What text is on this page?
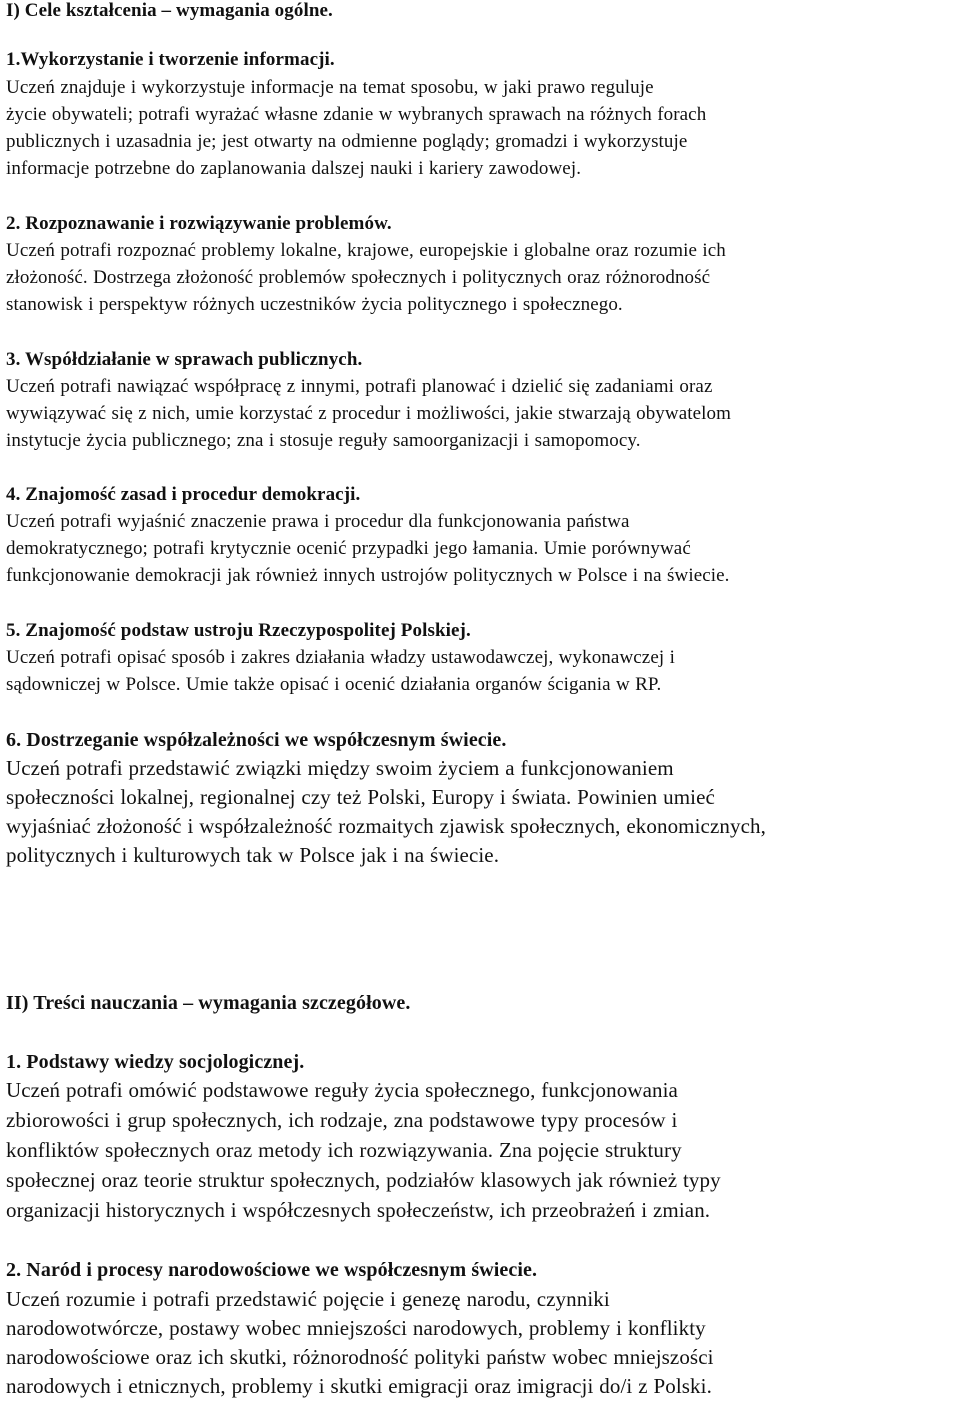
I) Cele kształcenia – wymagania ogólne.
1.Wykorzystanie i tworzenie informacji.
Uczeń znajduje i wykorzystuje informacje na temat sposobu, w jaki prawo reguluje
życie obywateli; potrafi wyrażać własne zdanie w wybranych sprawach na różnych forach
publicznych i uzasadnia je; jest otwarty na odmienne poglądy; gromadzi i wykorzystuje
informacje potrzebne do zaplanowania dalszej nauki i kariery zawodowej.
2. Rozpoznawanie i rozwiązywanie problemów.
Uczeń potrafi rozpoznać problemy lokalne, krajowe, europejskie i globalne oraz rozumie ich
złożoność. Dostrzega złożoność problemów społecznych i politycznych oraz różnorodność
stanowisk i perspektyw różnych uczestników życia politycznego i społecznego.
3. Współdziałanie w sprawach publicznych.
Uczeń potrafi nawiązać współpracę z innymi, potrafi planować i dzielić się zadaniami oraz
wywiązywać się z nich, umie korzystać z procedur i możliwości, jakie stwarzają obywatelom
instytucje życia publicznego; zna i stosuje reguły samoorganizacji i samopomocy.
4. Znajomość zasad i procedur demokracji.
Uczeń potrafi wyjaśnić znaczenie prawa i procedur dla funkcjonowania państwa
demokratycznego; potrafi krytycznie ocenić przypadki jego łamania. Umie porównywać
funkcjonowanie demokracji jak również innych ustrojów politycznych w Polsce i na świecie.
5. Znajomość podstaw ustroju Rzeczypospolitej Polskiej.
Uczeń potrafi opisać sposób i zakres działania władzy ustawodawczej, wykonawczej i
sądowniczej w Polsce. Umie także opisać i ocenić działania organów ścigania w RP.
6. Dostrzeganie współzależności we współczesnym świecie.
Uczeń potrafi przedstawić związki między swoim życiem a funkcjonowaniem
społeczności lokalnej, regionalnej czy też Polski, Europy i świata. Powinien umieć
wyjaśniać złożoność i współzależność rozmaitych zjawisk społecznych, ekonomicznych,
politycznych i kulturowych tak w Polsce jak i na świecie.
II) Treści nauczania – wymagania szczegółowe.
1. Podstawy wiedzy socjologicznej.
Uczeń potrafi omówić podstawowe reguły życia społecznego, funkcjonowania
zbiorowości i grup społecznych, ich rodzaje, zna podstawowe typy procesów i
konfliktów społecznych oraz metody ich rozwiązywania. Zna pojęcie struktury
społecznej oraz teorie struktur społecznych, podziałów klasowych jak również typy
organizacji historycznych i współczesnych społeczeństw, ich przeobrażeń i zmian.
2. Naród i procesy narodowościowe we współczesnym świecie.
Uczeń rozumie i potrafi przedstawić pojęcie i genezę narodu, czynniki
narodowotwórcze, postawy wobec mniejszości narodowych, problemy i konflikty
narodowościowe oraz ich skutki, różnorodność polityki państw wobec mniejszości
narodowych i etnicznych, problemy i skutki emigracji oraz imigracji do/i z Polski.
